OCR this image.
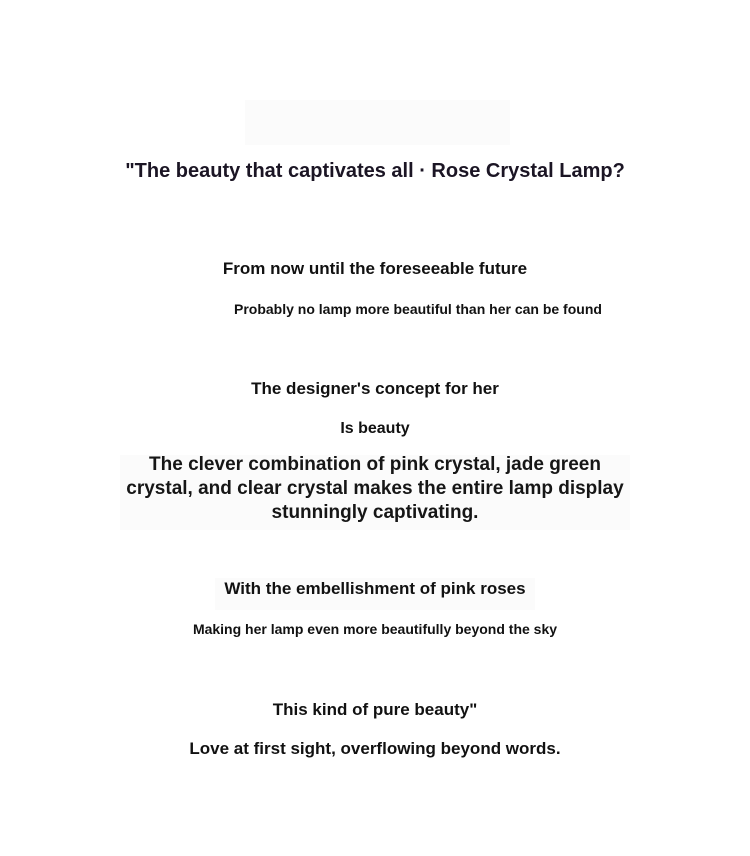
"The beauty that captivates all · Rose Crystal Lamp?
From now until the foreseeable future
Probably no lamp more beautiful than her can be found
The designer's concept for her
Is beauty
The clever combination of pink crystal, jade green crystal, and clear crystal makes the entire lamp display stunningly captivating.
With the embellishment of pink roses
Making her lamp even more beautifully beyond the sky
This kind of pure beauty"
Love at first sight, overflowing beyond words.
